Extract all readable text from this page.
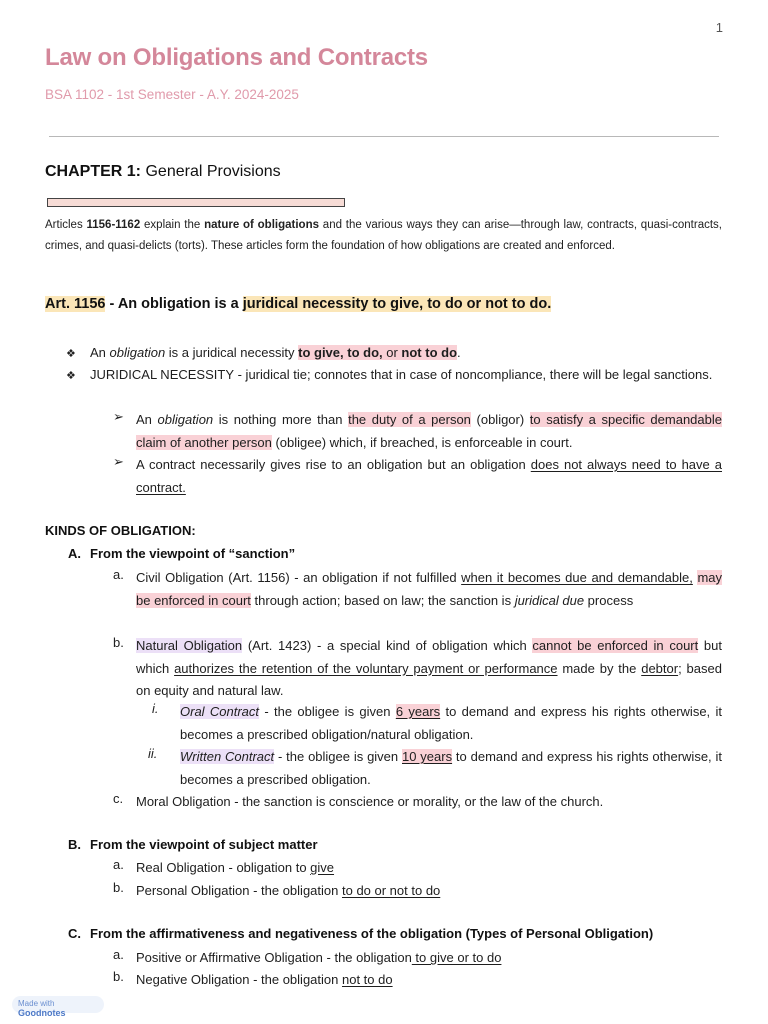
1
Law on Obligations and Contracts
BSA 1102 - 1st Semester - A.Y. 2024-2025
CHAPTER 1: General Provisions
Articles 1156-1162 explain the nature of obligations and the various ways they can arise—through law, contracts, quasi-contracts, crimes, and quasi-delicts (torts). These articles form the foundation of how obligations are created and enforced.
Art. 1156 - An obligation is a juridical necessity to give, to do or not to do.
❖ An obligation is a juridical necessity to give, to do, or not to do.
❖ JURIDICAL NECESSITY - juridical tie; connotes that in case of noncompliance, there will be legal sanctions.
➢ An obligation is nothing more than the duty of a person (obligor) to satisfy a specific demandable claim of another person (obligee) which, if breached, is enforceable in court.
➢ A contract necessarily gives rise to an obligation but an obligation does not always need to have a contract.
KINDS OF OBLIGATION:
A. From the viewpoint of “sanction”
a. Civil Obligation (Art. 1156) - an obligation if not fulfilled when it becomes due and demandable, may be enforced in court through action; based on law; the sanction is juridical due process
b. Natural Obligation (Art. 1423) - a special kind of obligation which cannot be enforced in court but which authorizes the retention of the voluntary payment or performance made by the debtor; based on equity and natural law.
i. Oral Contract - the obligee is given 6 years to demand and express his rights otherwise, it becomes a prescribed obligation/natural obligation.
ii. Written Contract - the obligee is given 10 years to demand and express his rights otherwise, it becomes a prescribed obligation.
c. Moral Obligation - the sanction is conscience or morality, or the law of the church.
B. From the viewpoint of subject matter
a. Real Obligation - obligation to give
b. Personal Obligation - the obligation to do or not to do
C. From the affirmativeness and negativeness of the obligation (Types of Personal Obligation)
a. Positive or Affirmative Obligation - the obligation to give or to do
b. Negative Obligation - the obligation not to do
Made with Goodnotes
